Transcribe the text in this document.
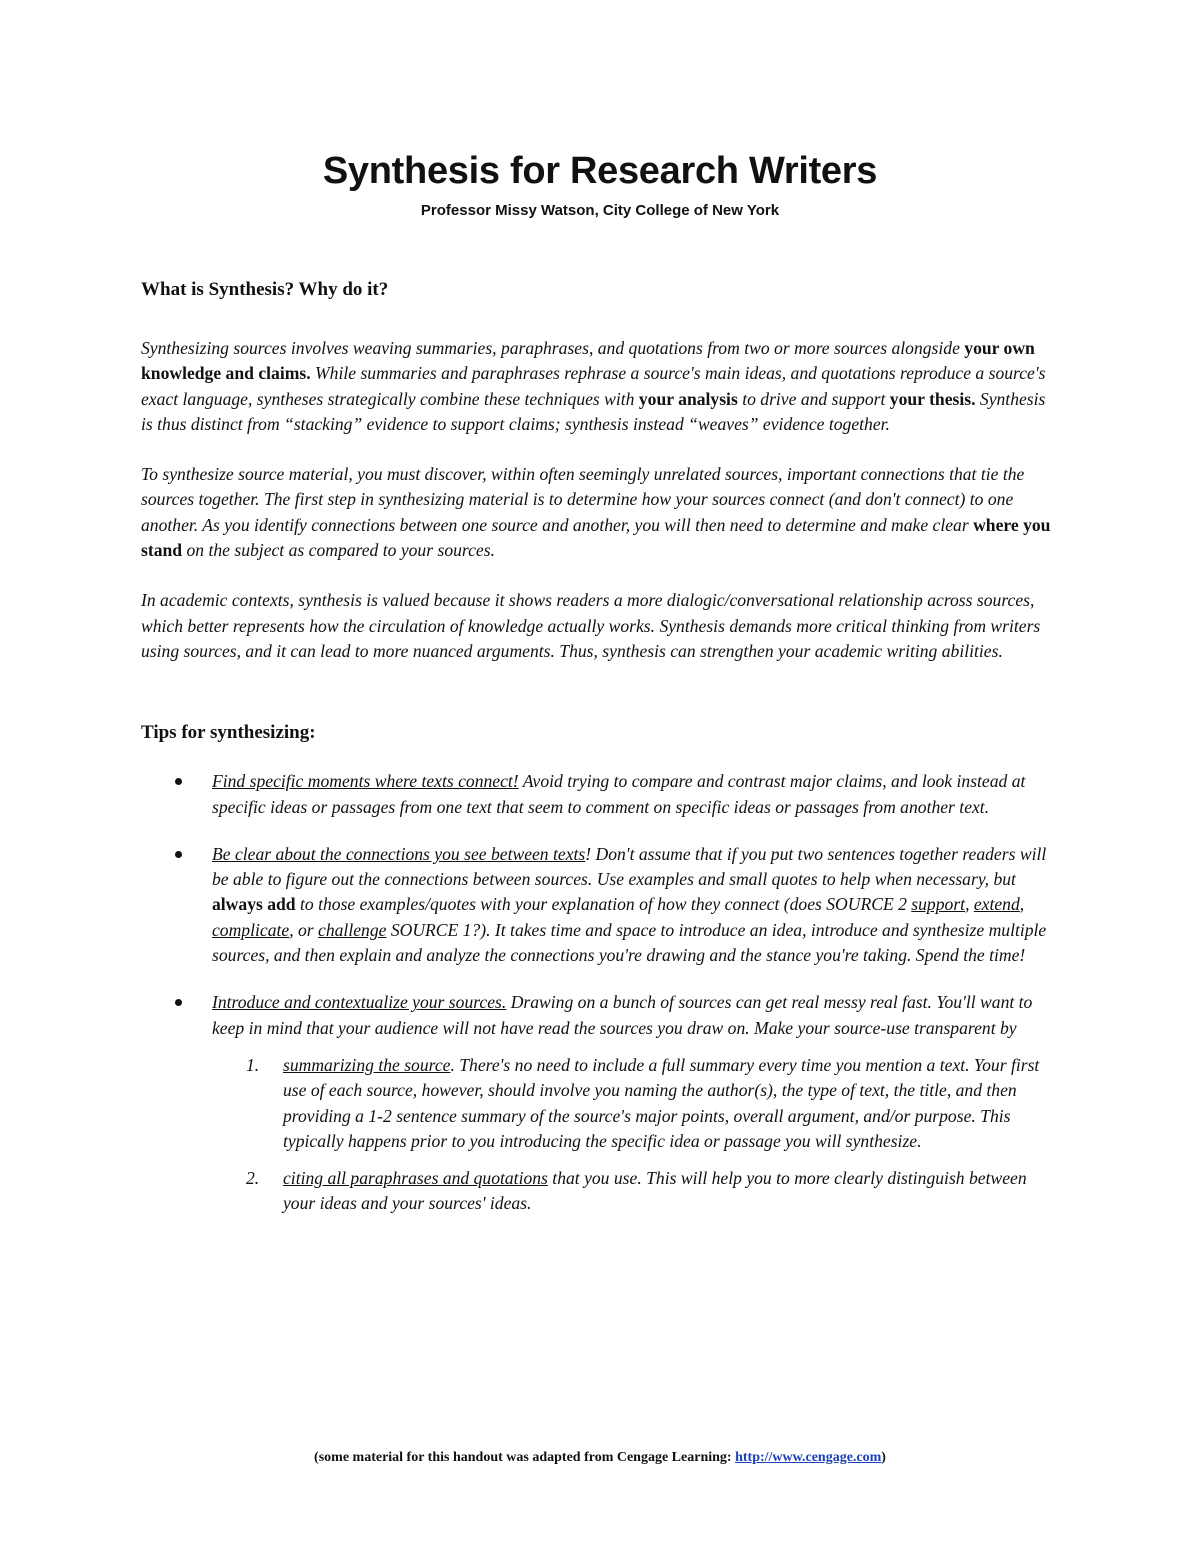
Synthesis for Research Writers
Professor Missy Watson, City College of New York
What is Synthesis? Why do it?

Synthesizing sources involves weaving summaries, paraphrases, and quotations from two or more sources alongside your own knowledge and claims. While summaries and paraphrases rephrase a source's main ideas, and quotations reproduce a source's exact language, syntheses strategically combine these techniques with your analysis to drive and support your thesis. Synthesis is thus distinct from “stacking” evidence to support claims; synthesis instead “weaves” evidence together.

To synthesize source material, you must discover, within often seemingly unrelated sources, important connections that tie the sources together. The first step in synthesizing material is to determine how your sources connect (and don't connect) to one another. As you identify connections between one source and another, you will then need to determine and make clear where you stand on the subject as compared to your sources.

In academic contexts, synthesis is valued because it shows readers a more dialogic/conversational relationship across sources, which better represents how the circulation of knowledge actually works. Synthesis demands more critical thinking from writers using sources, and it can lead to more nuanced arguments. Thus, synthesis can strengthen your academic writing abilities.

Tips for synthesizing:

Find specific moments where texts connect! Avoid trying to compare and contrast major claims, and look instead at specific ideas or passages from one text that seem to comment on specific ideas or passages from another text.

Be clear about the connections you see between texts! Don't assume that if you put two sentences together readers will be able to figure out the connections between sources. Use examples and small quotes to help when necessary, but always add to those examples/quotes with your explanation of how they connect (does SOURCE 2 support, extend, complicate, or challenge SOURCE 1?). It takes time and space to introduce an idea, introduce and synthesize multiple sources, and then explain and analyze the connections you're drawing and the stance you're taking. Spend the time!

Introduce and contextualize your sources. Drawing on a bunch of sources can get real messy real fast. You'll want to keep in mind that your audience will not have read the sources you draw on. Make your source-use transparent by

1. summarizing the source. There's no need to include a full summary every time you mention a text. Your first use of each source, however, should involve you naming the author(s), the type of text, the title, and then providing a 1-2 sentence summary of the source's major points, overall argument, and/or purpose. This typically happens prior to you introducing the specific idea or passage you will synthesize.

2. citing all paraphrases and quotations that you use. This will help you to more clearly distinguish between your ideas and your sources' ideas.

(some material for this handout was adapted from Cengage Learning: http://www.cengage.com)
